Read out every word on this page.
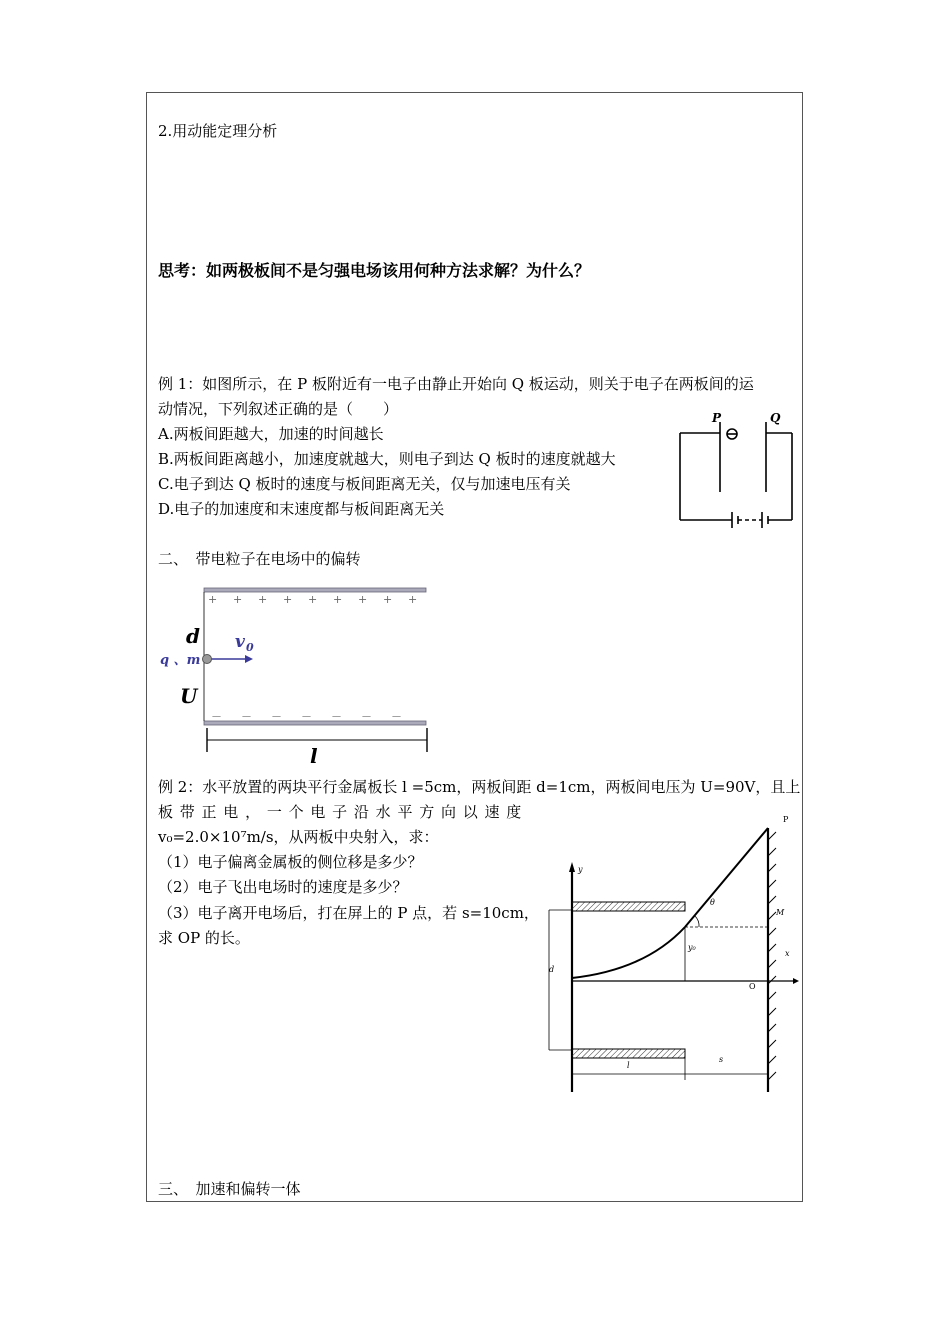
2.用动能定理分析
思考：如两极板间不是匀强电场该用何种方法求解？为什么？
例 1：如图所示，在 P 板附近有一电子由静止开始向 Q 板运动，则关于电子在两板间的运
动情况，下列叙述正确的是（　　）
A.两板间距越大，加速的时间越长
B.两板间距离越小，加速度就越大，则电子到达 Q 板时的速度就越大
C.电子到达 Q 板时的速度与板间距离无关，仅与加速电压有关
D.电子的加速度和末速度都与板间距离无关
P	Q
二、　带电粒子在电场中的偏转
+ + + + + + + + +
— — — — — — —
d v 0
q 、m
U
l
例 2：水平放置的两块平行金属板长 l =5cm，两板间距 d=1cm，两板间电压为 U=90V，且上
板 带 正 电 ， 一 个 电 子 沿 水 平 方 向 以 速 度
v₀=2.0×10⁷m/s，从两板中央射入，求：
（1）电子偏离金属板的侧位移是多少？
（2）电子飞出电场时的速度是多少？
（3）电子离开电场后，打在屏上的 P 点，若 s=10cm，
求 OP 的长。
y
P
θ
M
y₀
x
d
O
l
s
三、　加速和偏转一体
